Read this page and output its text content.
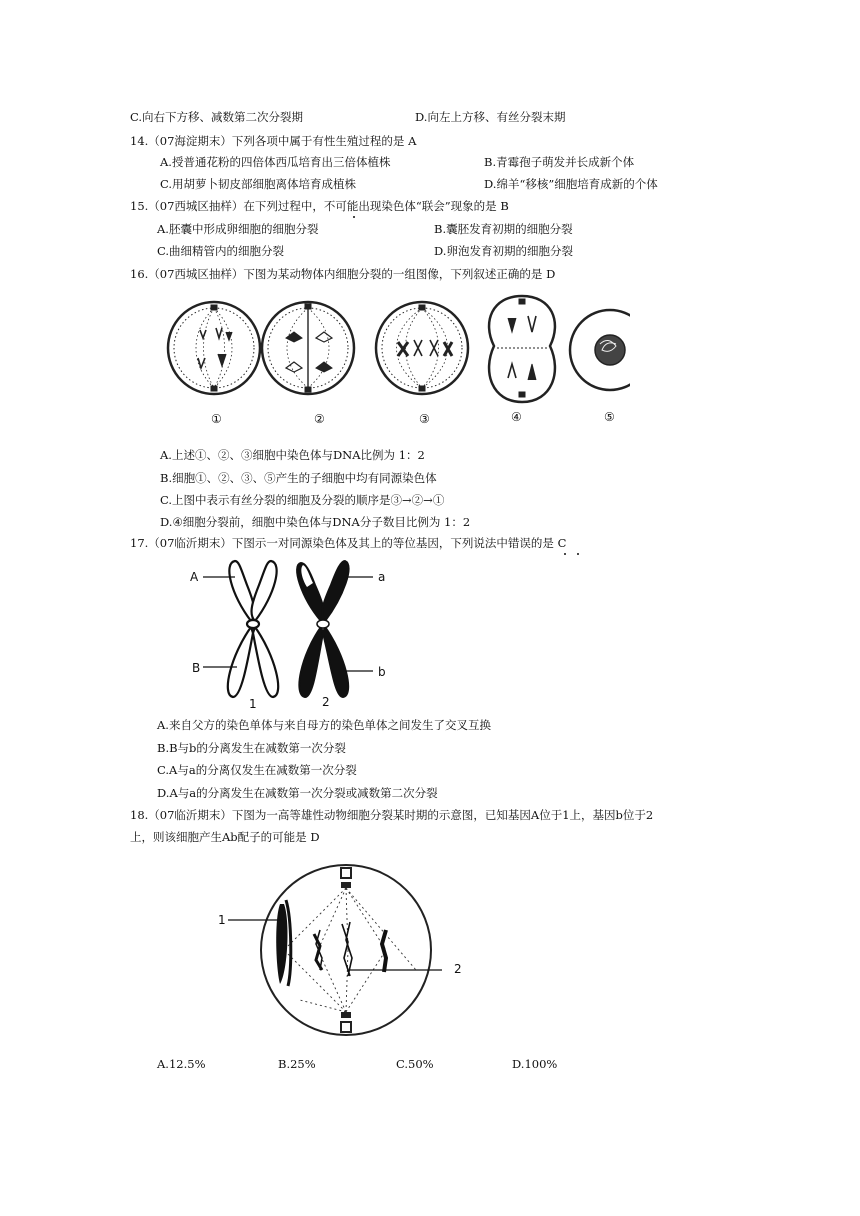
C.向右下方移、减数第二次分裂期	D.向左上方移、有丝分裂末期
14.（07海淀期末）下列各项中属于有性生殖过程的是 A
A.授普通花粉的四倍体西瓜培育出三倍体植株	B.青霉孢子萌发并长成新个体
C.用胡萝卜韧皮部细胞离体培育成植株	D.绵羊“移核”细胞培育成新的个体
15.（07西城区抽样）在下列过程中，不可能出现染色体“联会”现象的是 B
A.胚囊中形成卵细胞的细胞分裂	B.囊胚发育初期的细胞分裂
C.曲细精管内的细胞分裂	D.卵泡发育初期的细胞分裂
16.（07西城区抽样）下图为某动物体内细胞分裂的一组图像，下列叙述正确的是 D
①	②	③	④	⑤
A.上述①、②、③细胞中染色体与DNA比例为 1：2
B.细胞①、②、③、⑤产生的子细胞中均有同源染色体
C.上图中表示有丝分裂的细胞及分裂的顺序是③→②→①
D.④细胞分裂前，细胞中染色体与DNA分子数目比例为 1：2
17.（07临沂期末）下图示一对同源染色体及其上的等位基因，下列说法中错误的是 C
A
B
a
b
1	2
A.来自父方的染色单体与来自母方的染色单体之间发生了交叉互换
B.B与b的分离发生在减数第一次分裂
C.A与a的分离仅发生在减数第一次分裂
D.A与a的分离发生在减数第一次分裂或减数第二次分裂
18.（07临沂期末）下图为一高等雄性动物细胞分裂某时期的示意图，已知基因A位于1上，基因b位于2
上，则该细胞产生Ab配子的可能是 D
1
2
A.12.5%	B.25%	C.50%	D.100%
